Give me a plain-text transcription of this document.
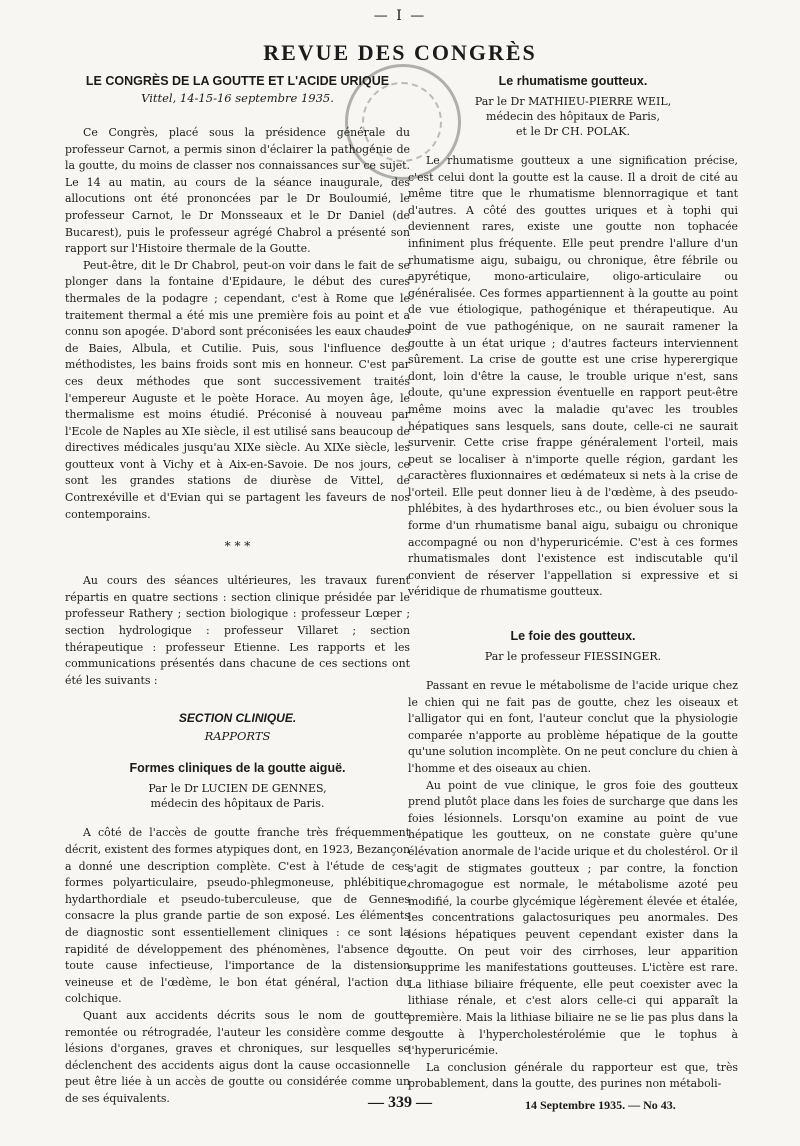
— I —
REVUE DES CONGRÈS
LE CONGRÈS DE LA GOUTTE ET L'ACIDE URIQUE
Vittel, 14-15-16 septembre 1935.

Ce Congrès, placé sous la présidence générale du professeur Carnot, a permis sinon d'éclairer la pathogénie de la goutte, du moins de classer nos connaissances sur ce sujet. Le 14 au matin, au cours de la séance inaugurale, des allocutions ont été prononcées par le Dr Bouloumié, le professeur Carnot, le Dr Monsseaux et le Dr Daniel (de Bucarest), puis le professeur agrégé Chabrol a présenté son rapport sur l'Histoire thermale de la Goutte.

Peut-être, dit le Dr Chabrol, peut-on voir dans le fait de se plonger dans la fontaine d'Epidaure, le début des cures thermales de la podagre ; cependant, c'est à Rome que le traitement thermal a été mis une première fois au point et a connu son apogée. D'abord sont préconisées les eaux chaudes de Baies, Albula, et Cutilie. Puis, sous l'influence des méthodistes, les bains froids sont mis en honneur. C'est par ces deux méthodes que sont successivement traités l'empereur Auguste et le poète Horace. Au moyen âge, le thermalisme est moins étudié. Préconisé à nouveau par l'Ecole de Naples au XIe siècle, il est utilisé sans beaucoup de directives médicales jusqu'au XIXe siècle. Au XIXe siècle, les goutteux vont à Vichy et à Aix-en-Savoie. De nos jours, ce sont les grandes stations de diurèse de Vittel, de Contrexéville et d'Evian qui se partagent les faveurs de nos contemporains.

* * *

Au cours des séances ultérieures, les travaux furent répartis en quatre sections : section clinique présidée par le professeur Rathery ; section biologique : professeur Lœper ; section hydrologique : professeur Villaret ; section thérapeutique : professeur Etienne. Les rapports et les communications présentés dans chacune de ces sections ont été les suivants :

SECTION CLINIQUE.
RAPPORTS
Formes cliniques de la goutte aiguë.
Par le Dr LUCIEN DE GENNES,
médecin des hôpitaux de Paris.

A côté de l'accès de goutte franche très fréquemment décrit, existent des formes atypiques dont, en 1923, Bezançon a donné une description complète. C'est à l'étude de ces formes polyarticulaire, pseudo-phlegmoneuse, phlébitique, hydarthordiale et pseudo-tuberculeuse, que de Gennes consacre la plus grande partie de son exposé. Les éléments de diagnostic sont essentiellement cliniques : ce sont la rapidité de développement des phénomènes, l'absence de toute cause infectieuse, l'importance de la distension veineuse et de l'œdème, le bon état général, l'action du colchique.

Quant aux accidents décrits sous le nom de goutte remontée ou rétrogradée, l'auteur les considère comme des lésions d'organes, graves et chroniques, sur lesquelles se déclenchent des accidents aigus dont la cause occasionnelle peut être liée à un accès de goutte ou considérée comme un de ses équivalents.

Le rhumatisme goutteux.
Par le Dr MATHIEU-PIERRE WEIL,
médecin des hôpitaux de Paris,
et le Dr CH. POLAK.

Le rhumatisme goutteux a une signification précise, c'est celui dont la goutte est la cause. Il a droit de cité au même titre que le rhumatisme blennorragique et tant d'autres. A côté des gouttes uriques et à tophi qui deviennent rares, existe une goutte non tophacée infiniment plus fréquente. Elle peut prendre l'allure d'un rhumatisme aigu, subaigu, ou chronique, être fébrile ou apyrétique, mono-articulaire, oligo-articulaire ou généralisée. Ces formes appartiennent à la goutte au point de vue étiologique, pathogénique et thérapeutique. Au point de vue pathogénique, on ne saurait ramener la goutte à un état urique ; d'autres facteurs interviennent sûrement. La crise de goutte est une crise hyperergique dont, loin d'être la cause, le trouble urique n'est, sans doute, qu'une expression éventuelle en rapport peut-être même moins avec la maladie qu'avec les troubles hépatiques sans lesquels, sans doute, celle-ci ne saurait survenir. Cette crise frappe généralement l'orteil, mais peut se localiser à n'importe quelle région, gardant les caractères fluxionnaires et œdémateux si nets à la crise de l'orteil. Elle peut donner lieu à de l'œdème, à des pseudo-phlébites, à des hydarthroses etc., ou bien évoluer sous la forme d'un rhumatisme banal aigu, subaigu ou chronique accompagné ou non d'hyperuricémie. C'est à ces formes rhumatismales dont l'existence est indiscutable qu'il convient de réserver l'appellation si expressive et si véridique de rhumatisme goutteux.

Le foie des goutteux.
Par le professeur FIESSINGER.

Passant en revue le métabolisme de l'acide urique chez le chien qui ne fait pas de goutte, chez les oiseaux et l'alligator qui en font, l'auteur conclut que la physiologie comparée n'apporte au problème hépatique de la goutte qu'une solution incomplète. On ne peut conclure du chien à l'homme et des oiseaux au chien.

Au point de vue clinique, le gros foie des goutteux prend plutôt place dans les foies de surcharge que dans les foies lésionnels. Lorsqu'on examine au point de vue hépatique les goutteux, on ne constate guère qu'une élévation anormale de l'acide urique et du cholestérol. Or il s'agit de stigmates goutteux ; par contre, la fonction chromagogue est normale, le métabolisme azoté peu modifié, la courbe glycémique légèrement élevée et étalée, les concentrations galactosuriques peu anormales. Des lésions hépatiques peuvent cependant exister dans la goutte. On peut voir des cirrhoses, leur apparition supprime les manifestations goutteuses. L'ictère est rare. La lithiase biliaire fréquente, elle peut coexister avec la lithiase rénale, et c'est alors celle-ci qui apparaît la première. Mais la lithiase biliaire ne se lie pas plus dans la goutte à l'hypercholestérolémie que le tophus à l'hyperuricémie.

La conclusion générale du rapporteur est que, très probablement, dans la goutte, des purines non métaboli-

— 339 —	14 Septembre 1935. — No 43.
